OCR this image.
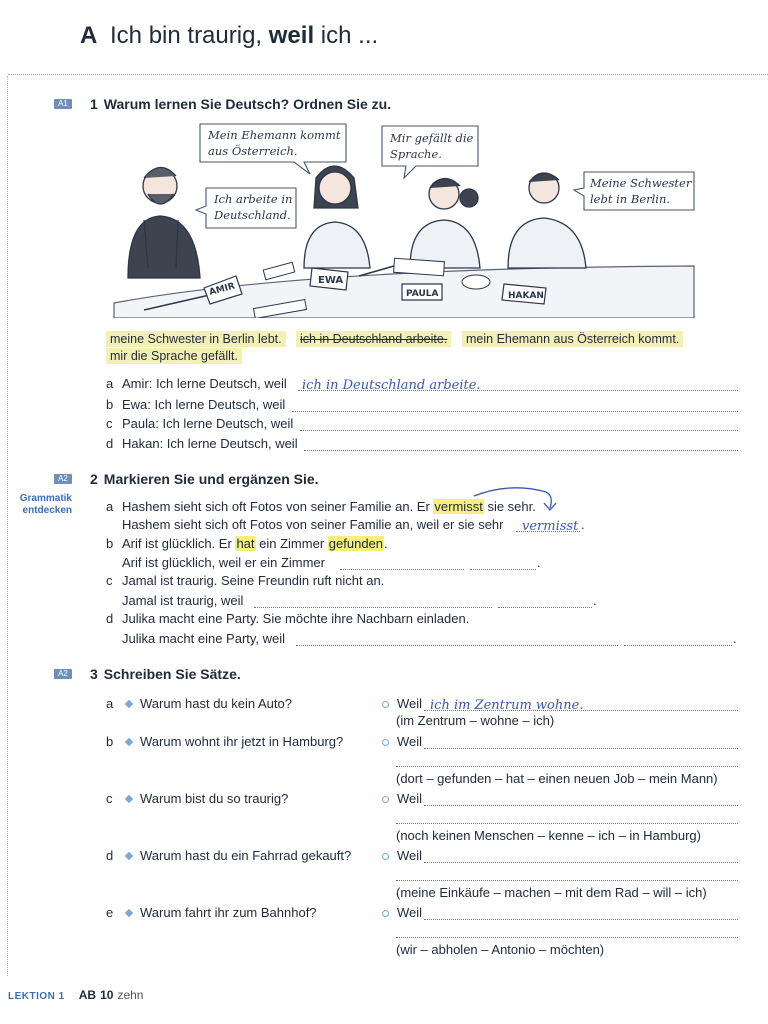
A Ich bin traurig, weil ich ...
A1 1 Warum lernen Sie Deutsch? Ordnen Sie zu.
AMIR
EWA
PAULA	HAKAN
Mein Ehemann kommt
aus Österreich.
Mir gefällt die
Sprache.
Ich arbeite in
Deutschland.
Meine Schwester
lebt in Berlin.
meine Schwester in Berlin lebt.	ich in Deutschland arbeite.	mein Ehemann aus Österreich kommt.
mir die Sprache gefällt.
a Amir: Ich lerne Deutsch, weil	ich in Deutschland arbeite.
b Ewa: Ich lerne Deutsch, weil
c Paula: Ich lerne Deutsch, weil
d Hakan: Ich lerne Deutsch, weil
A2
Grammatik
entdecken
2 Markieren Sie und ergänzen Sie.
a Hashem sieht sich oft Fotos von seiner Familie an. Er vermisst sie sehr.
Hashem sieht sich oft Fotos von seiner Familie an, weil er sie sehr	vermisst .
b Arif ist glücklich. Er hat ein Zimmer gefunden.
Arif ist glücklich, weil er ein Zimmer	.
c Jamal ist traurig. Seine Freundin ruft nicht an.
Jamal ist traurig, weil	.
d Julika macht eine Party. Sie möchte ihre Nachbarn einladen.
Julika macht eine Party, weil	.
A2 3 Schreiben Sie Sätze.
a Warum hast du kein Auto?	Weil ich im Zentrum wohne.
(im Zentrum – wohne – ich)
b Warum wohnt ihr jetzt in Hamburg?	Weil
(dort – gefunden – hat – einen neuen Job – mein Mann)
c Warum bist du so traurig?	Weil
(noch keinen Menschen – kenne – ich – in Hamburg)
d Warum hast du ein Fahrrad gekauft?	Weil
(meine Einkäufe – machen – mit dem Rad – will – ich)
e Warum fahrt ihr zum Bahnhof?	Weil
(wir – abholen – Antonio – möchten)
LEKTION 1 AB 10 zehn
